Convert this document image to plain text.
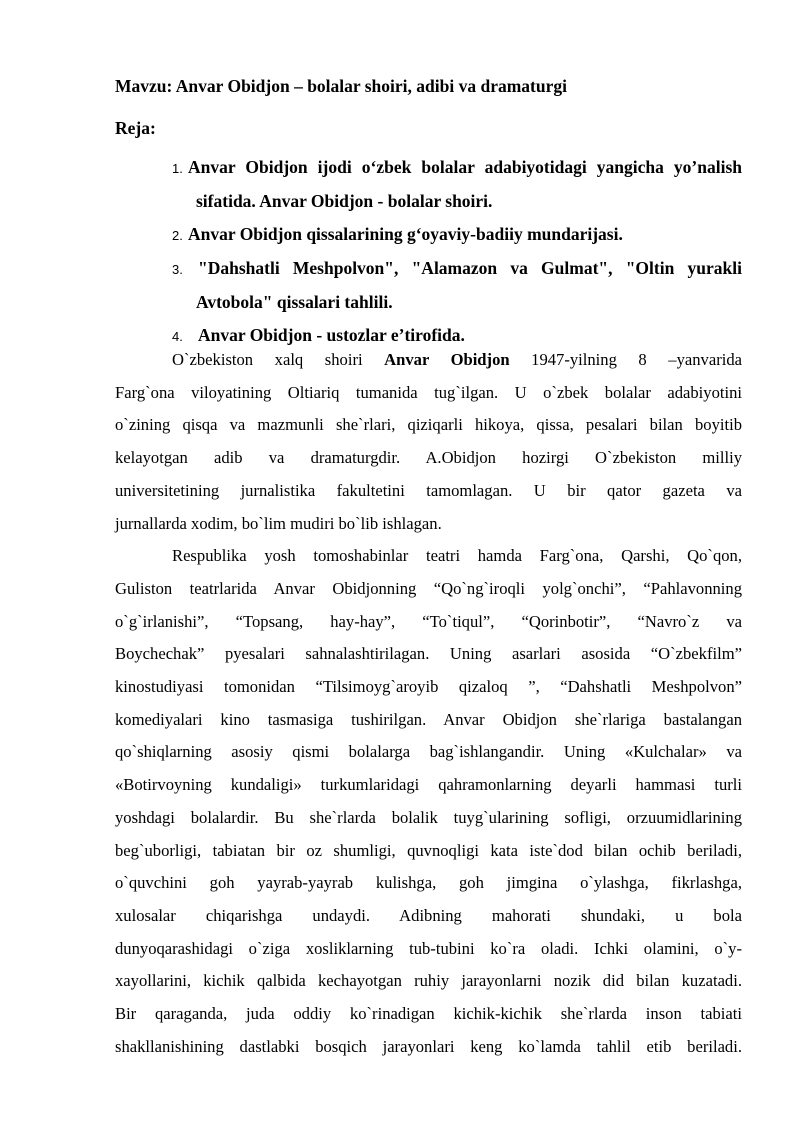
Mavzu: Anvar Obidjon – bolalar shoiri, adibi va dramaturgi
Reja:
1. Anvar Obidjon ijodi o‘zbek bolalar adabiyotidagi yangicha yo’nalish sifatida. Anvar Obidjon - bolalar shoiri.
2. Anvar Obidjon qissalarining g‘oyaviy-badiiy mundarijasi.
3. "Dahshatli Meshpolvon", "Alamazon va Gulmat", "Oltin yurakli Avtobola" qissalari tahlili.
4. Anvar Obidjon - ustozlar e’tirofida.
O`zbekiston xalq shoiri Anvar Obidjon 1947-yilning 8 –yanvarida
Farg`ona viloyatining Oltiariq tumanida tug`ilgan. U o`zbek bolalar adabiyotini
o`zining qisqa va mazmunli she`rlari, qiziqarli hikoya, qissa, pesalari bilan boyitib
kelayotgan adib va dramaturgdir. A.Obidjon hozirgi O`zbekiston milliy
universitetining jurnalistika fakultetini tamomlagan. U bir qator gazeta va
jurnallarda xodim, bo`lim mudiri bo`lib ishlagan.
Respublika yosh tomoshabinlar teatri hamda Farg`ona, Qarshi, Qo`qon,
Guliston teatrlarida Anvar Obidjonning “Qo`ng`iroqli yolg`onchi”, “Pahlavonning
o`g`irlanishi”, “Topsang, hay-hay”, “To`tiqul”, “Qorinbotir”, “Navro`z va
Boychechak” pyesalari sahnalashtirilagan. Uning asarlari asosida “O`zbekfilm”
kinostudiyasi tomonidan “Tilsimoyg`aroyib qizaloq ”, “Dahshatli Meshpolvon”
komediyalari kino tasmasiga tushirilgan. Anvar Obidjon she`rlariga bastalangan
qo`shiqlarning asosiy qismi bolalarga bag`ishlangandir. Uning «Kulchalar» va
«Botirvoyning kundaligi» turkumlaridagi qahramonlarning deyarli hammasi turli
yoshdagi bolalardir. Bu she`rlarda bolalik tuyg`ularining sofligi, orzuumidlarining
beg`uborligi, tabiatan bir oz shumligi, quvnoqligi kata iste`dod bilan ochib beriladi,
o`quvchini goh yayrab-yayrab kulishga, goh jimgina o`ylashga, fikrlashga,
xulosalar chiqarishga undaydi. Adibning mahorati shundaki, u bola
dunyoqarashidagi o`ziga xosliklarning tub-tubini ko`ra oladi. Ichki olamini, o`y-
xayollarini, kichik qalbida kechayotgan ruhiy jarayonlarni nozik did bilan kuzatadi.
Bir qaraganda, juda oddiy ko`rinadigan kichik-kichik she`rlarda inson tabiati
shakllanishining dastlabki bosqich jarayonlari keng ko`lamda tahlil etib beriladi.
